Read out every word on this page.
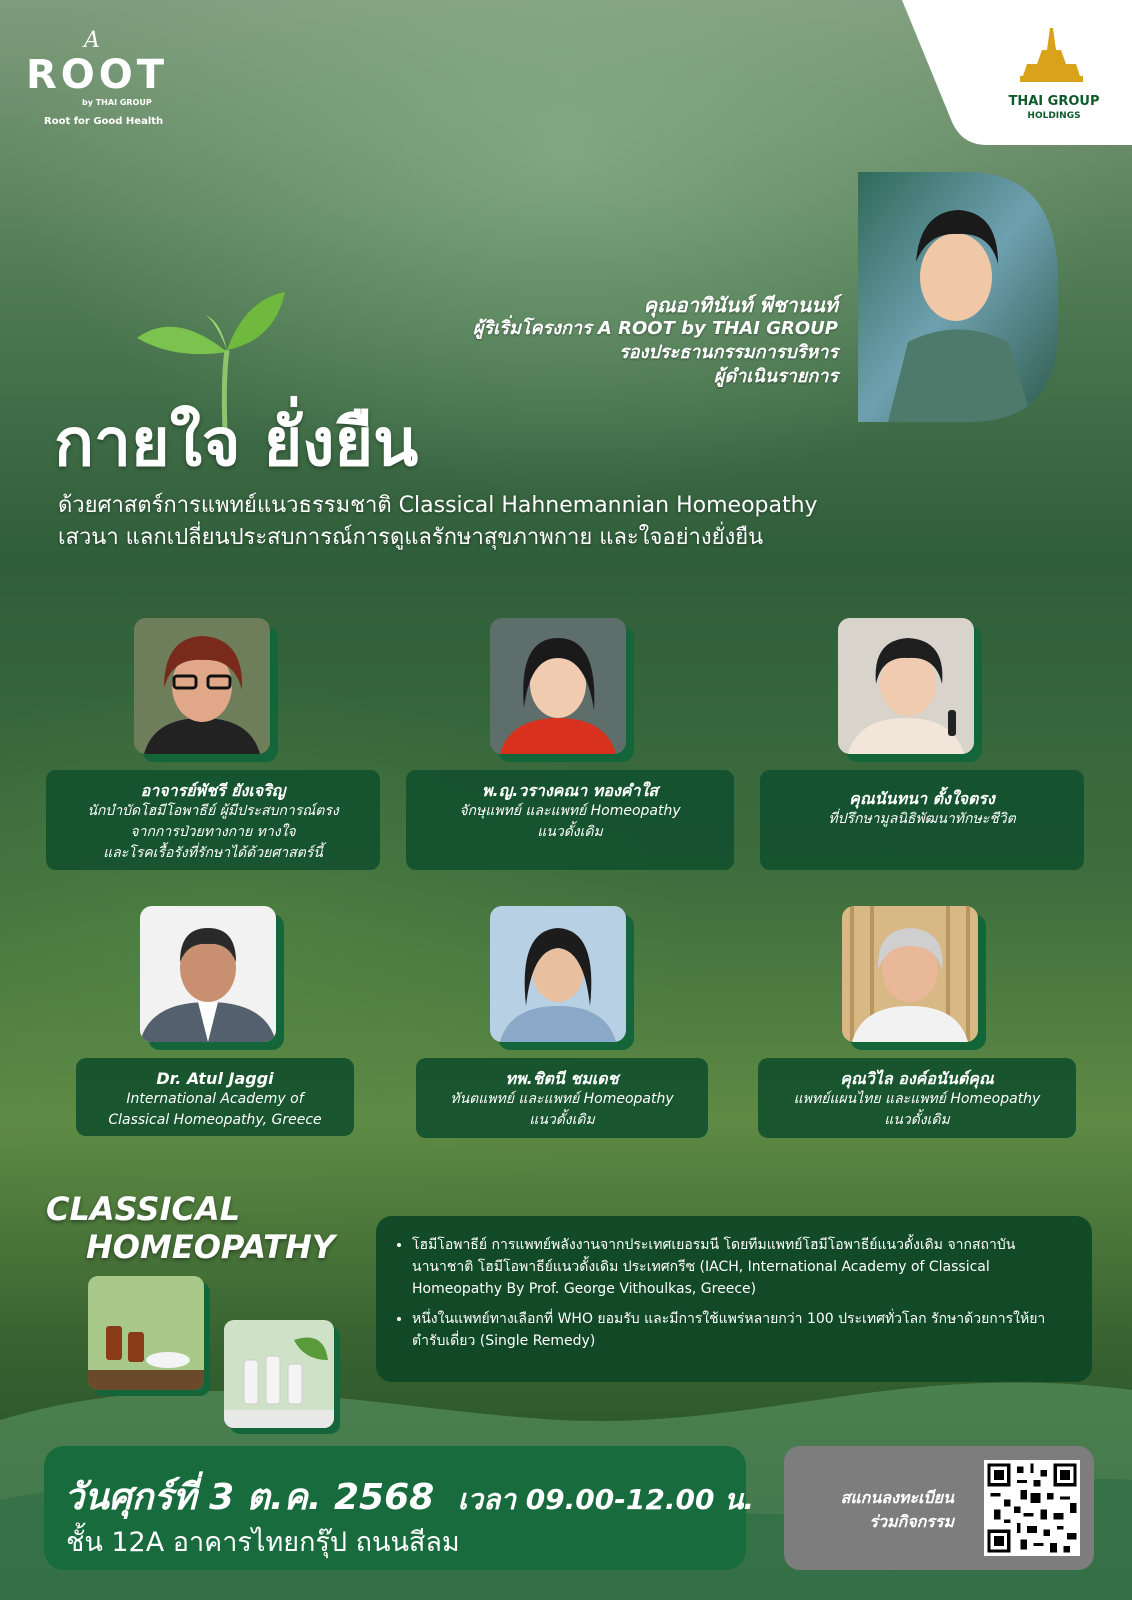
A
ROOT
by THAI GROUP
Root for Good Health
THAI GROUP
HOLDINGS
คุณอาทินันท์ พีชานนท์
ผู้ริเริ่มโครงการ A ROOT by THAI GROUP
รองประธานกรรมการบริหาร
ผู้ดำเนินรายการ
กายใจ ยั่งยืน
ด้วยศาสตร์การแพทย์แนวธรรมชาติ Classical Hahnemannian Homeopathy
เสวนา แลกเปลี่ยนประสบการณ์การดูแลรักษาสุขภาพกาย และใจอย่างยั่งยืน
อาจารย์พัชรี ยังเจริญ
นักบำบัดโฮมีโอพาธีย์ ผู้มีประสบการณ์ตรง
จากการป่วยทางกาย ทางใจ
และโรคเรื้อรังที่รักษาได้ด้วยศาสตร์นี้
พ.ญ.วรางคณา ทองคำใส
จักษุแพทย์ และแพทย์ Homeopathy
แนวดั้งเดิม
คุณนันทนา ตั้งใจตรง
ที่ปรึกษามูลนิธิพัฒนาทักษะชีวิต
Dr. Atul Jaggi
International Academy of
Classical Homeopathy, Greece
ทพ.ชิตนี ชมเดช
ทันตแพทย์ และแพทย์ Homeopathy
แนวดั้งเดิม
คุณวิไล องค์อนันต์คุณ
แพทย์แผนไทย และแพทย์ Homeopathy
แนวดั้งเดิม
CLASSICAL
HOMEOPATHY
•	โฮมีโอพาธีย์ การแพทย์พลังงานจากประเทศเยอรมนี โดยทีมแพทย์โฮมีโอพาธีย์แนวดั้งเดิม จากสถาบันนานาชาติ โฮมีโอพาธีย์แนวดั้งเดิม ประเทศกรีซ (IACH, International Academy of Classical Homeopathy By Prof. George Vithoulkas, Greece)
• หนึ่งในแพทย์ทางเลือกที่ WHO ยอมรับ และมีการใช้แพร่หลายกว่า 100 ประเทศทั่วโลก รักษาด้วยการให้ยาตำรับเดี่ยว (Single Remedy)
วันศุกร์ที่ 3 ต.ค. 2568 เวลา 09.00-12.00 น.
ชั้น 12A อาคารไทยกรุ๊ป ถนนสีลม
สแกนลงทะเบียน
ร่วมกิจกรรม
